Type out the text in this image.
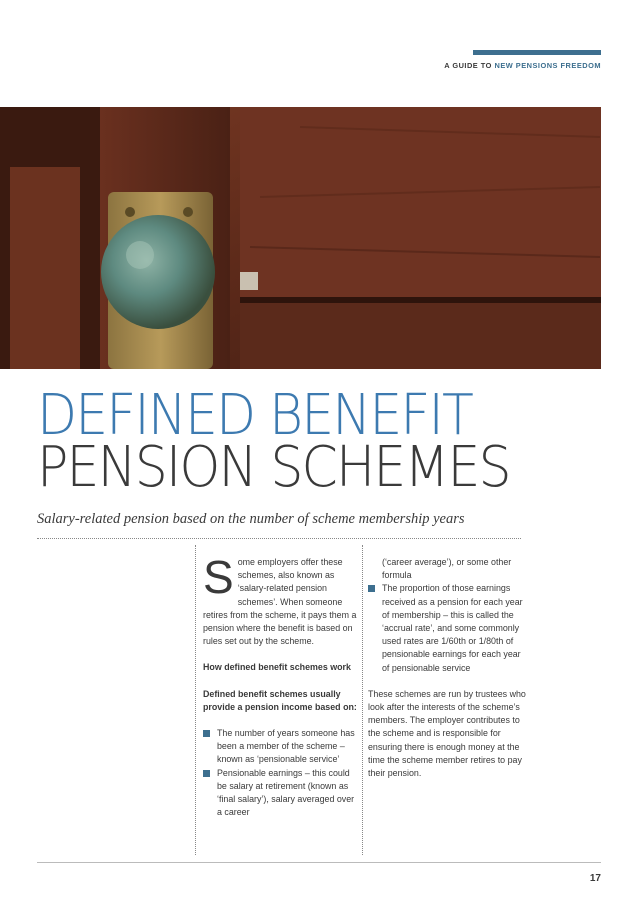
A GUIDE TO NEW PENSIONS FREEDOM
DEFINED BENEFIT
PENSION SCHEMES
Salary-related pension based on the number of scheme membership years

Some employers offer these schemes, also known as ‘salary-related pension schemes’. When someone retires from the scheme, it pays them a pension where the benefit is based on rules set out by the scheme.

How defined benefit schemes work

Defined benefit schemes usually provide a pension income based on:

The number of years someone has been a member of the scheme – known as ‘pensionable service’
Pensionable earnings – this could be salary at retirement (known as ‘final salary’), salary averaged over a career

(‘career average’), or some other formula

The proportion of those earnings received as a pension for each year of membership – this is called the ‘accrual rate’, and some commonly used rates are 1/60th or 1/80th of pensionable earnings for each year of pensionable service

These schemes are run by trustees who look after the interests of the scheme’s members. The employer contributes to the scheme and is responsible for ensuring there is enough money at the time the scheme member retires to pay their pension.

17
